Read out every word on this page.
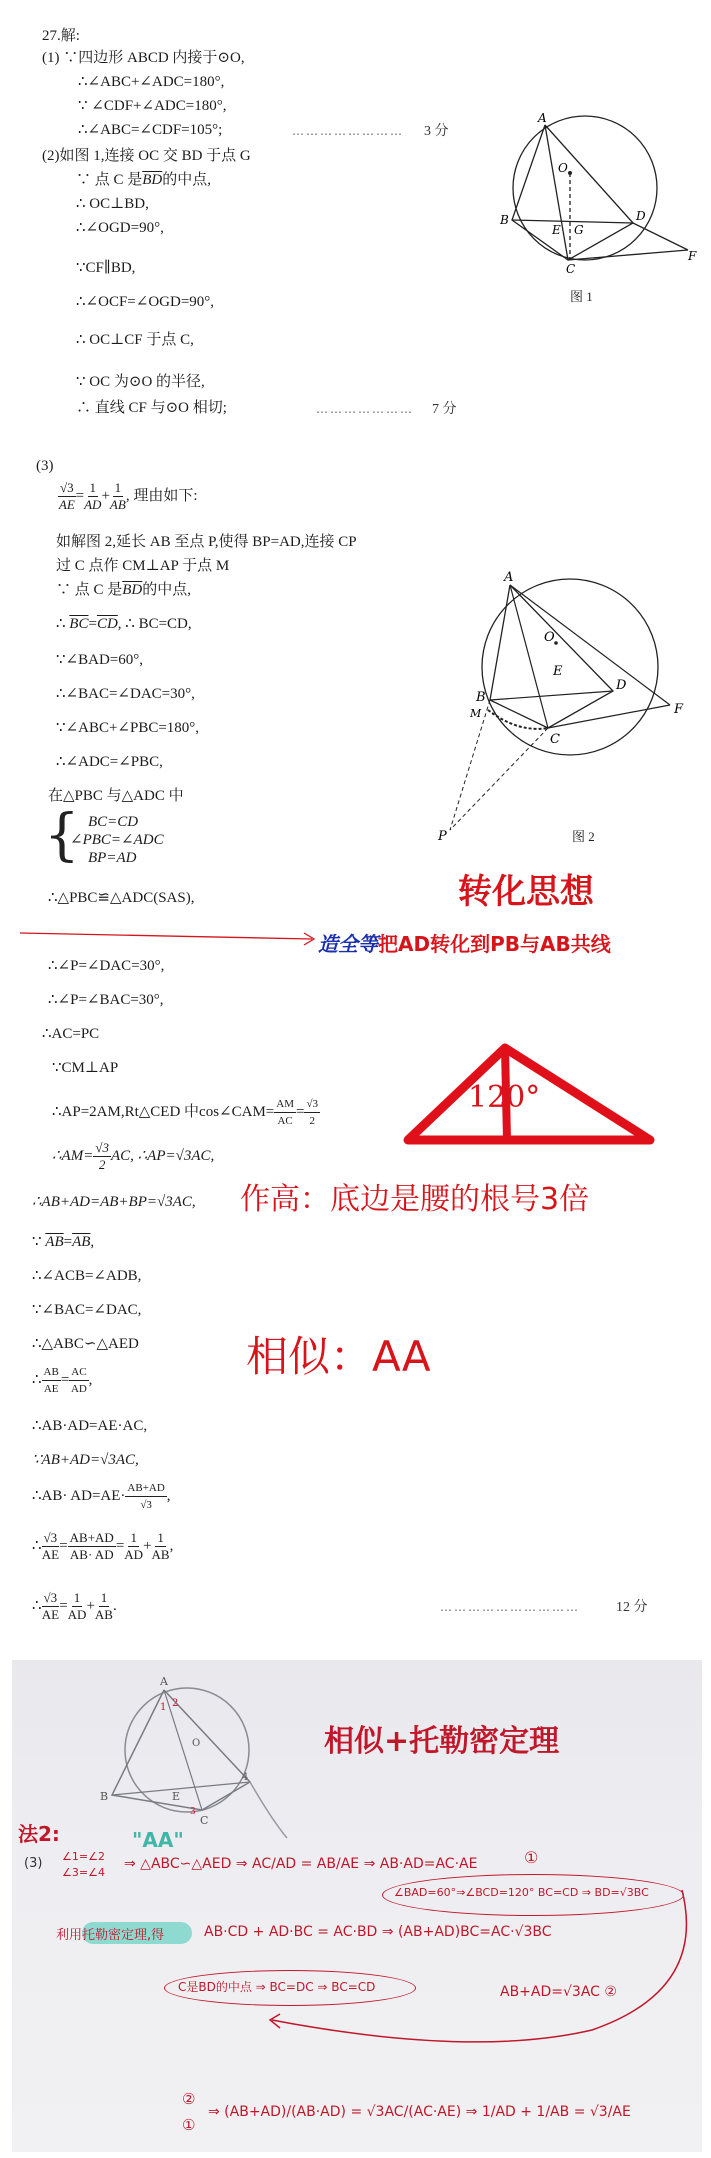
27.解:
(1) ∵四边形 ABCD 内接于⊙O,
∴∠ABC+∠ADC=180°,
∵ ∠CDF+∠ADC=180°,
∴∠ABC=∠CDF=105°;	…………………… 3 分
(2)如图 1,连接 OC 交 BD 于点 G
∵ 点 C 是$\overline{BD}$的中点,
∴ OC⊥BD,
∴∠OGD=90°,
∵CF∥BD,
∴∠OCF=∠OGD=90°,
∴ OC⊥CF 于点 C,
∵ OC 为⊙O 的半径,
∴ 直线 CF 与⊙O 相切;	………………… 7 分
A
O
B
E G
D
C
F
图 1
(3)
$\frac{√3}{AE} = \frac{1}{AD} + \frac{1}{AB}$ , 理由如下:
如解图 2,延长 AB 至点 P,使得 BP=AD,连接 CP
过 C 点作 CM⊥AP 于点 M
∵ 点 C 是$\overline{BD}$的中点,
∴ $\overline{BC}=\overline{CD}$, ∴ BC=CD,
∵∠BAD=60°,
∴∠BAC=∠DAC=30°,
∵∠ABC+∠PBC=180°,
∴∠ADC=∠PBC,
在△PBC 与△ADC 中
{ BC=CD
∠PBC=∠ADC
BP=AD
∴△PBC≌△ADC(SAS),
∴∠P=∠DAC=30°,
∴∠P=∠BAC=30°,
∴AC=PC
∵CM⊥AP
∴AP=2AM,Rt△CED 中cos∠CAM= $\frac{AM}{AC} = \frac{√3}{2}$
∴AM= $\frac{√3}{2}$ AC, ∴AP=√3AC,
∴AB+AD=AB+BP=√3AC,
∵ $\overline{AB}=\overline{AB}$,
∴∠ACB=∠ADB,
∵∠BAC=∠DAC,
∴△ABC∽△AED
∴ $\frac{AB}{AE} = \frac{AC}{AD}$ ,
∴AB·AD=AE·AC,
∵AB+AD=√3AC,
∴AB· $AD=AE\cdot \frac{AB+AD}{√3}$ ,
∴ $\frac{√3}{AE} = \frac{AB+AD}{AB\cdot AD} = \frac{1}{AD} + \frac{1}{AB}$ ,
∴ $\frac{√3}{AE} = \frac{1}{AD} + \frac{1}{AB}$ .	…………………………	12 分
A
O
E
B
M
D
C
F
P	图 2
转化思想
造全等把AD转化到PB与AB共线
120°
作高：底边是腰的根号3倍
相似：AA
A
2
1
O
B	E
C
3
4
相似+托勒密定理
法2:
(3)
"AA"
∠1=∠2
∠3=∠4
⇒ △ABC∽△AED ⇒ AC/AD = AB/AE ⇒ AB·AD=AC·AE	①
∠BAD=60°⇒∠BCD=120° BC=CD ⇒ BD=√3BC
利用托勒密定理,得	AB·CD + AD·BC = AC·BD ⇒ (AB+AD)BC=AC·√3BC
C是BD的中点 ⇒ BC=DC ⇒ BC=CD	AB+AD=√3AC ②
②
①
⇒ (AB+AD)/(AB·AD) = √3AC/(AC·AE) ⇒ 1/AD + 1/AB = √3/AE
